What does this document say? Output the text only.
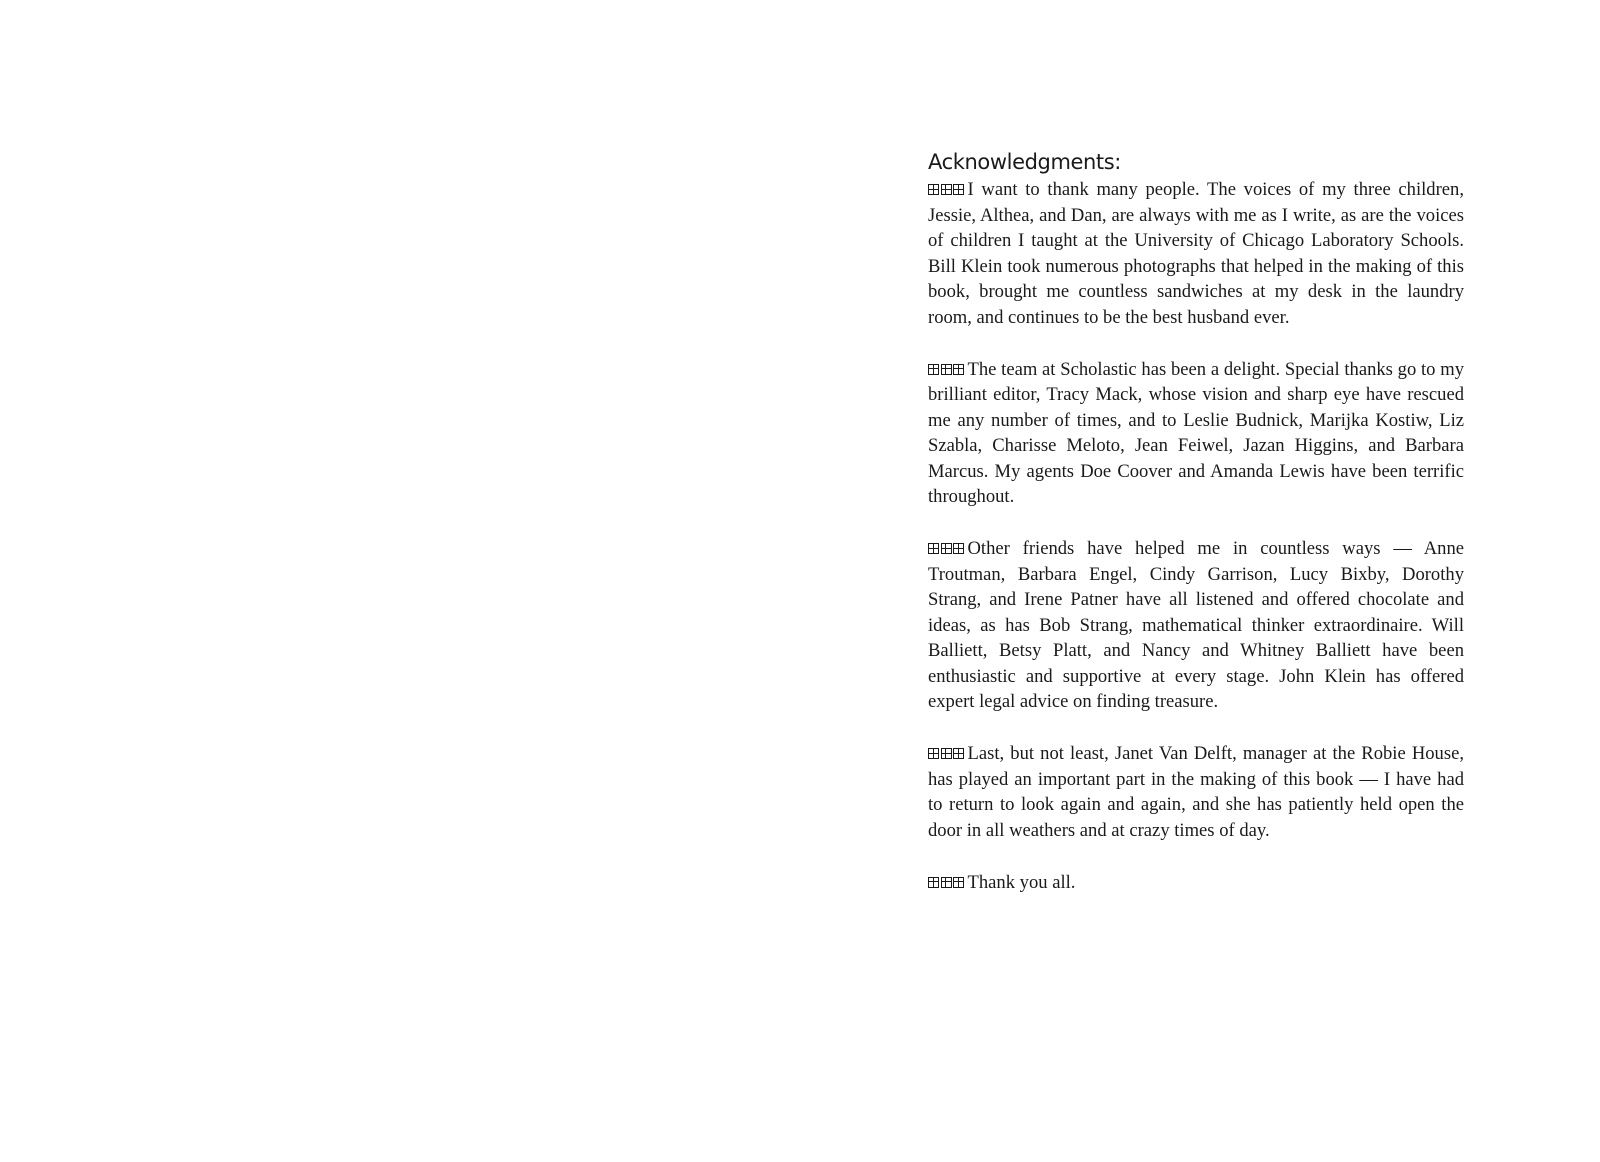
Acknowledgments:

I want to thank many people. The voices of my three children, Jessie, Althea, and Dan, are always with me as I write, as are the voices of children I taught at the University of Chicago Laboratory Schools. Bill Klein took numerous photographs that helped in the making of this book, brought me countless sandwiches at my desk in the laundry room, and continues to be the best husband ever.

The team at Scholastic has been a delight. Special thanks go to my brilliant editor, Tracy Mack, whose vision and sharp eye have rescued me any number of times, and to Leslie Budnick, Marijka Kostiw, Liz Szabla, Charisse Meloto, Jean Feiwel, Jazan Higgins, and Barbara Marcus. My agents Doe Coover and Amanda Lewis have been terrific throughout.

Other friends have helped me in countless ways — Anne Troutman, Barbara Engel, Cindy Garrison, Lucy Bixby, Dorothy Strang, and Irene Patner have all listened and offered chocolate and ideas, as has Bob Strang, mathematical thinker extraordinaire. Will Balliett, Betsy Platt, and Nancy and Whitney Balliett have been enthusiastic and supportive at every stage. John Klein has offered expert legal advice on finding treasure.

Last, but not least, Janet Van Delft, manager at the Robie House, has played an important part in the making of this book — I have had to return to look again and again, and she has patiently held open the door in all weathers and at crazy times of day.

Thank you all.
